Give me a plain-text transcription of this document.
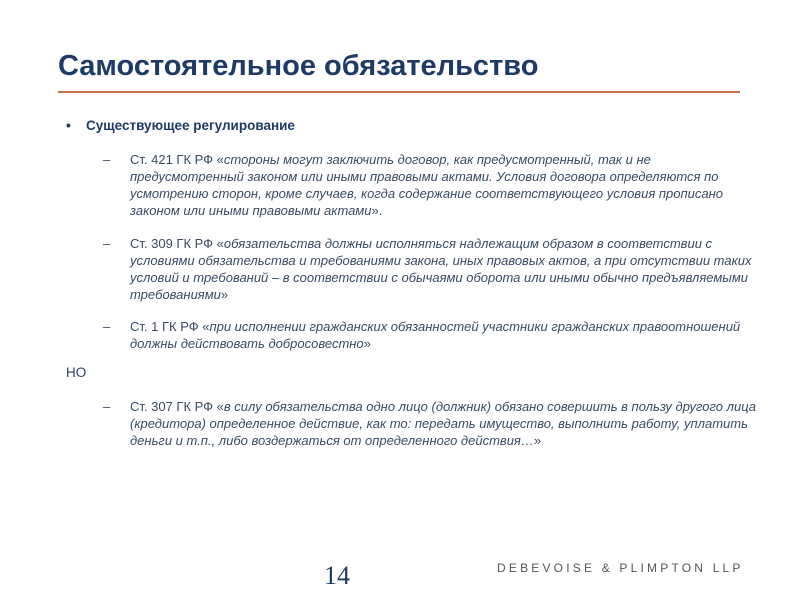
Самостоятельное обязательство
•	Существующее регулирование
–	Ст. 421 ГК РФ «стороны могут заключить договор, как предусмотренный, так и не предусмотренный законом или иными правовыми актами. Условия договора определяются по усмотрению сторон, кроме случаев, когда содержание соответствующего условия прописано законом или иными правовыми актами».
–	Ст. 309 ГК РФ «обязательства должны исполняться надлежащим образом в соответствии с условиями обязательства и требованиями закона, иных правовых актов, а при отсутствии таких условий и требований – в соответствии с обычаями оборота или иными обычно предъявляемыми требованиями»
–	Ст. 1 ГК РФ «при исполнении гражданских обязанностей участники гражданских правоотношений должны действовать добросовестно»
НО
–	Ст. 307 ГК РФ «в силу обязательства одно лицо (должник) обязано совершить в пользу другого лица (кредитора) определенное действие, как то: передать имущество, выполнить работу, уплатить деньги и т.п., либо воздержаться от определенного действия…»
14	DEBEVOISE & PLIMPTON LLP
